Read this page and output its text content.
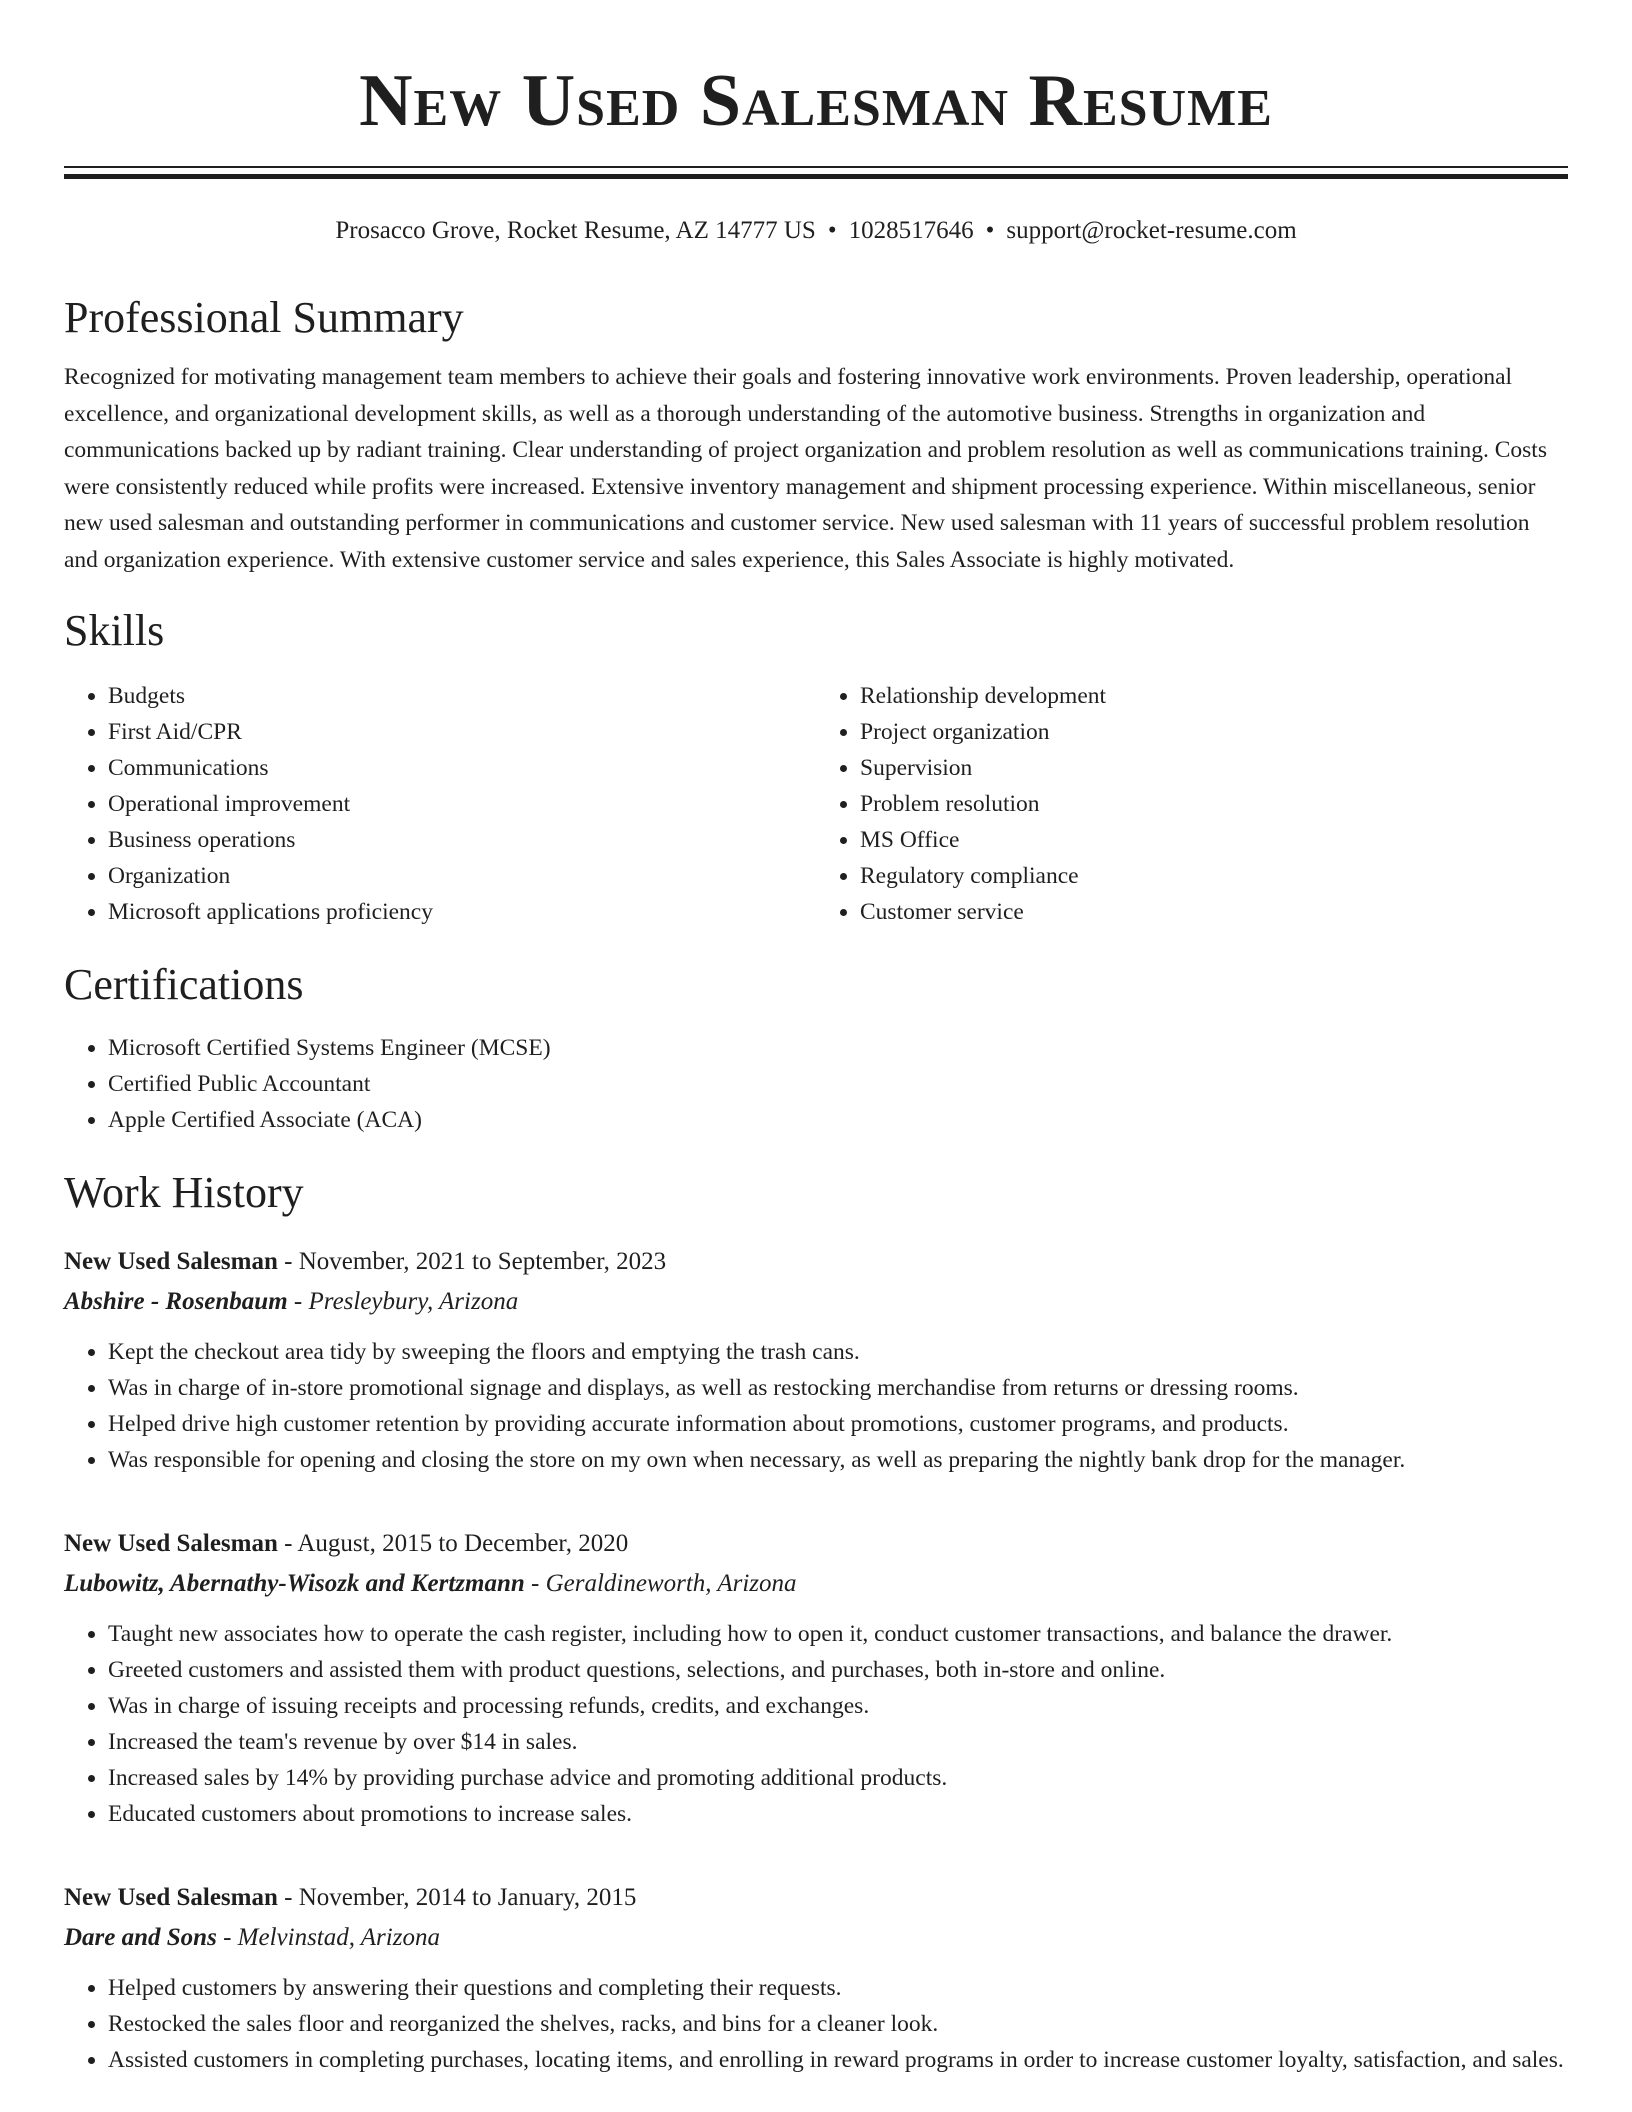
New Used Salesman Resume
Prosacco Grove, Rocket Resume, AZ 14777 US • 1028517646 • support@rocket-resume.com
Professional Summary

Recognized for motivating management team members to achieve their goals and fostering innovative work environments. Proven leadership, operational excellence, and organizational development skills, as well as a thorough understanding of the automotive business. Strengths in organization and communications backed up by radiant training. Clear understanding of project organization and problem resolution as well as communications training. Costs were consistently reduced while profits were increased. Extensive inventory management and shipment processing experience. Within miscellaneous, senior new used salesman and outstanding performer in communications and customer service. New used salesman with 11 years of successful problem resolution and organization experience. With extensive customer service and sales experience, this Sales Associate is highly motivated.

Skills
• Budgets
• First Aid/CPR
• Communications
• Operational improvement
• Business operations
• Organization
• Microsoft applications proficiency
• Relationship development
• Project organization
• Supervision
• Problem resolution
• MS Office
• Regulatory compliance
• Customer service
Certifications
• Microsoft Certified Systems Engineer (MCSE)
• Certified Public Accountant
• Apple Certified Associate (ACA)
Work History
New Used Salesman - November, 2021 to September, 2023
Abshire - Rosenbaum - Presleybury, Arizona
• Kept the checkout area tidy by sweeping the floors and emptying the trash cans.
• Was in charge of in-store promotional signage and displays, as well as restocking merchandise from returns or dressing rooms.
• Helped drive high customer retention by providing accurate information about promotions, customer programs, and products.
• Was responsible for opening and closing the store on my own when necessary, as well as preparing the nightly bank drop for the manager.
New Used Salesman - August, 2015 to December, 2020
Lubowitz, Abernathy-Wisozk and Kertzmann - Geraldineworth, Arizona
• Taught new associates how to operate the cash register, including how to open it, conduct customer transactions, and balance the drawer.
• Greeted customers and assisted them with product questions, selections, and purchases, both in-store and online.
• Was in charge of issuing receipts and processing refunds, credits, and exchanges.
• Increased the team's revenue by over $14 in sales.
• Increased sales by 14% by providing purchase advice and promoting additional products.
• Educated customers about promotions to increase sales.
New Used Salesman - November, 2014 to January, 2015
Dare and Sons - Melvinstad, Arizona
• Helped customers by answering their questions and completing their requests.
• Restocked the sales floor and reorganized the shelves, racks, and bins for a cleaner look.
• Assisted customers in completing purchases, locating items, and enrolling in reward programs in order to increase customer loyalty, satisfaction, and sales.
